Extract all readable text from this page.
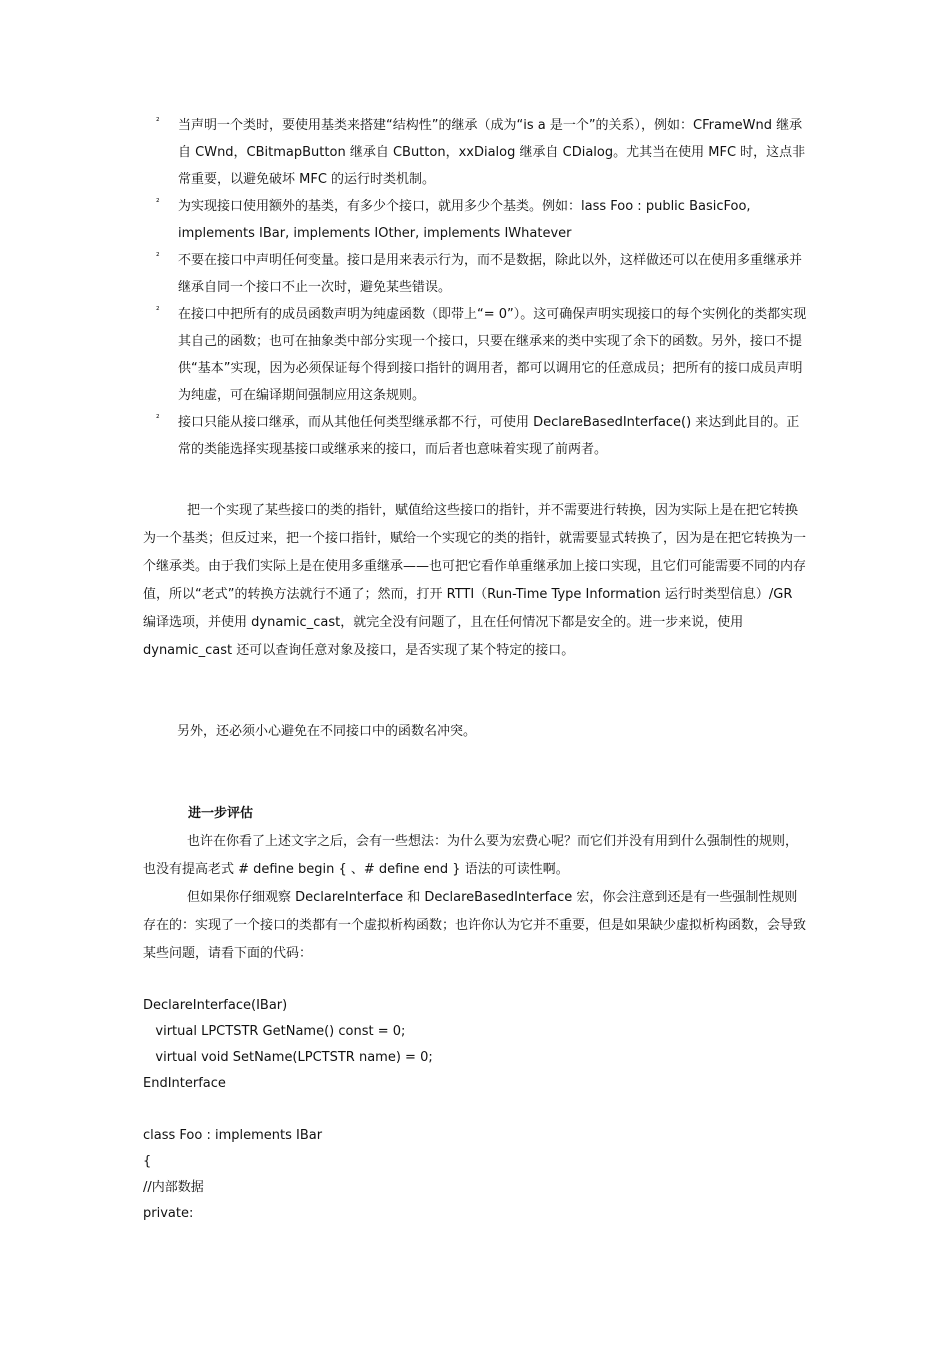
² 当声明一个类时，要使用基类来搭建“结构性”的继承（成为“is a 是一个”的关系），例如：CFrameWnd 继承自 CWnd，CBitmapButton 继承自 CButton，xxDialog 继承自 CDialog。尤其当在使用 MFC 时，这点非常重要，以避免破坏 MFC 的运行时类机制。
² 为实现接口使用额外的基类，有多少个接口，就用多少个基类。例如：lass Foo : public BasicFoo, implements IBar, implements IOther, implements IWhatever
² 不要在接口中声明任何变量。接口是用来表示行为，而不是数据，除此以外，这样做还可以在使用多重继承并继承自同一个接口不止一次时，避免某些错误。
² 在接口中把所有的成员函数声明为纯虚函数（即带上“= 0”）。这可确保声明实现接口的每个实例化的类都实现其自己的函数；也可在抽象类中部分实现一个接口，只要在继承来的类中实现了余下的函数。另外，接口不提供“基本”实现，因为必须保证每个得到接口指针的调用者，都可以调用它的任意成员；把所有的接口成员声明为纯虚，可在编译期间强制应用这条规则。
² 接口只能从接口继承，而从其他任何类型继承都不行，可使用 DeclareBasedInterface() 来达到此目的。正常的类能选择实现基接口或继承来的接口，而后者也意味着实现了前两者。

把一个实现了某些接口的类的指针，赋值给这些接口的指针，并不需要进行转换，因为实际上是在把它转换为一个基类；但反过来，把一个接口指针，赋给一个实现它的类的指针，就需要显式转换了，因为是在把它转换为一个继承类。由于我们实际上是在使用多重继承——也可把它看作单重继承加上接口实现，且它们可能需要不同的内存值，所以“老式”的转换方法就行不通了；然而，打开 RTTI（Run-Time Type Information 运行时类型信息）/GR 编译选项，并使用 dynamic_cast，就完全没有问题了，且在任何情况下都是安全的。进一步来说，使用 dynamic_cast 还可以查询任意对象及接口，是否实现了某个特定的接口。

另外，还必须小心避免在不同接口中的函数名冲突。

进一步评估

也许在你看了上述文字之后，会有一些想法：为什么要为宏费心呢？而它们并没有用到什么强制性的规则，也没有提高老式 # define begin { 、# define end } 语法的可读性啊。

但如果你仔细观察 DeclareInterface 和 DeclareBasedInterface 宏，你会注意到还是有一些强制性规则存在的：实现了一个接口的类都有一个虚拟析构函数；也许你认为它并不重要，但是如果缺少虚拟析构函数，会导致某些问题，请看下面的代码：

DeclareInterface(IBar)
virtual LPCTSTR GetName() const = 0;
virtual void SetName(LPCTSTR name) = 0;
EndInterface
class Foo : implements IBar
{
//内部数据
private:
